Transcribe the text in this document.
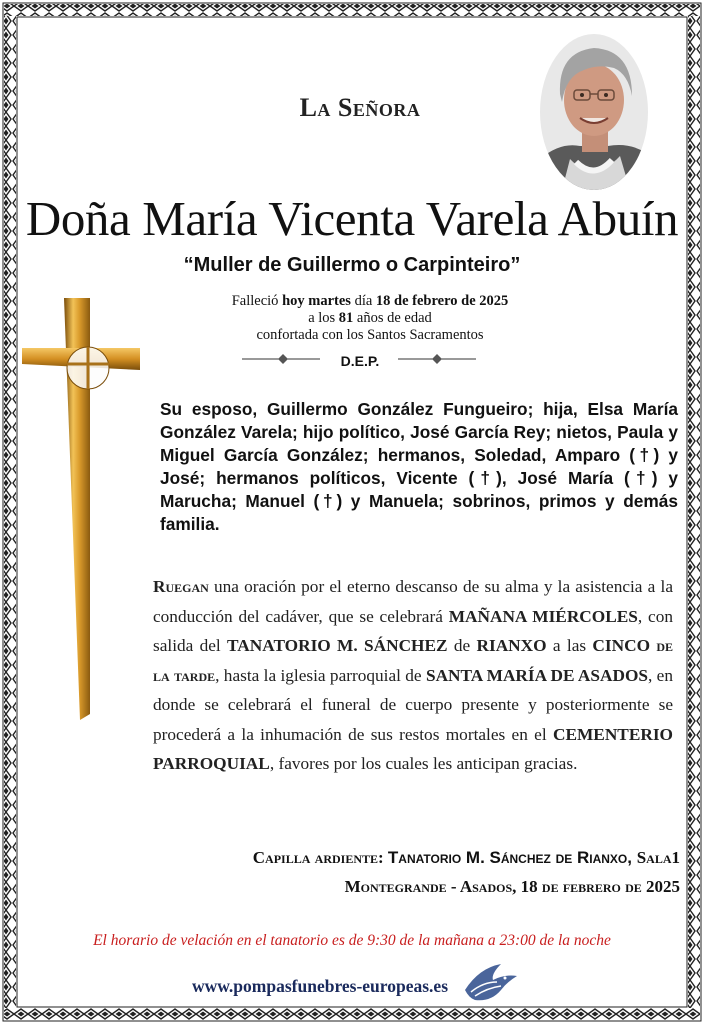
La Señora
Doña María Vicenta Varela Abuín
“Muller de Guillermo o Carpinteiro”
Falleció hoy martes día 18 de febrero de 2025
a los 81 años de edad
confortada con los Santos Sacramentos
D.E.P.
Su esposo, Guillermo González Fungueiro; hija, Elsa María González Varela; hijo político, José García Rey; nietos, Paula y Miguel García González; hermanos, Soledad, Amparo (†) y José; hermanos políticos, Vicente (†), José María (†) y Marucha; Manuel (†) y Manuela; sobrinos, primos y demás familia.
Ruegan una oración por el eterno descanso de su alma y la asistencia a la conducción del cadáver, que se celebrará MAÑANA MIÉRCOLES, con salida del TANATORIO M. SÁNCHEZ de RIANXO a las CINCO de la tarde, hasta la iglesia parroquial de SANTA MARÍA DE ASADOS, en donde se celebrará el funeral de cuerpo presente y posteriormente se procederá a la inhumación de sus restos mortales en el CEMENTERIO PARROQUIAL, favores por los cuales les anticipan gracias.
Capilla ardiente: Tanatorio M. Sánchez de Rianxo, Sala1
Montegrande - Asados, 18 de febrero de 2025
El horario de velación en el tanatorio es de 9:30 de la mañana a 23:00 de la noche
www.pompasfunebres-europeas.es
